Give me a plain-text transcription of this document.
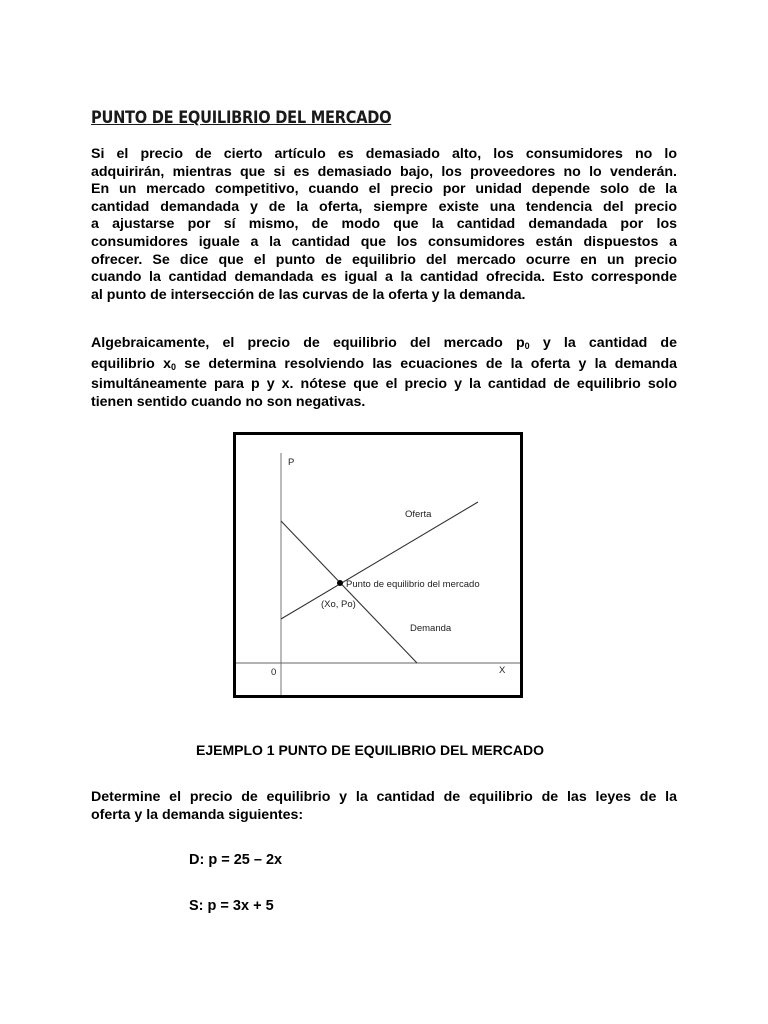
PUNTO DE EQUILIBRIO DEL MERCADO
Si el precio de cierto artículo es demasiado alto, los consumidores no lo
adquirirán, mientras que si es demasiado bajo, los proveedores no lo venderán.
En un mercado competitivo, cuando el precio por unidad depende solo de la
cantidad demandada y de la oferta, siempre existe una tendencia del precio
a ajustarse por sí mismo, de modo que la cantidad demandada por los
consumidores iguale a la cantidad que los consumidores están dispuestos a
ofrecer. Se dice que el punto de equilibrio del mercado ocurre en un precio
cuando la cantidad demandada es igual a la cantidad ofrecida. Esto corresponde
al punto de intersección de las curvas de la oferta y la demanda.
Algebraicamente, el precio de equilibrio del mercado $p_0$ y la cantidad de
equilibrio $x_0$ se determina resolviendo las ecuaciones de la oferta y la demanda
simultáneamente para p y x. nótese que el precio y la cantidad de equilibrio solo
tienen sentido cuando no son negativas.
P
X
0
Oferta
Demanda
Punto de equilibrio del mercado
(Xo, Po)
EJEMPLO 1 PUNTO DE EQUILIBRIO DEL MERCADO
Determine el precio de equilibrio y la cantidad de equilibrio de las leyes de la
oferta y la demanda siguientes:
D: p = 25 – 2x
S: p = 3x + 5
